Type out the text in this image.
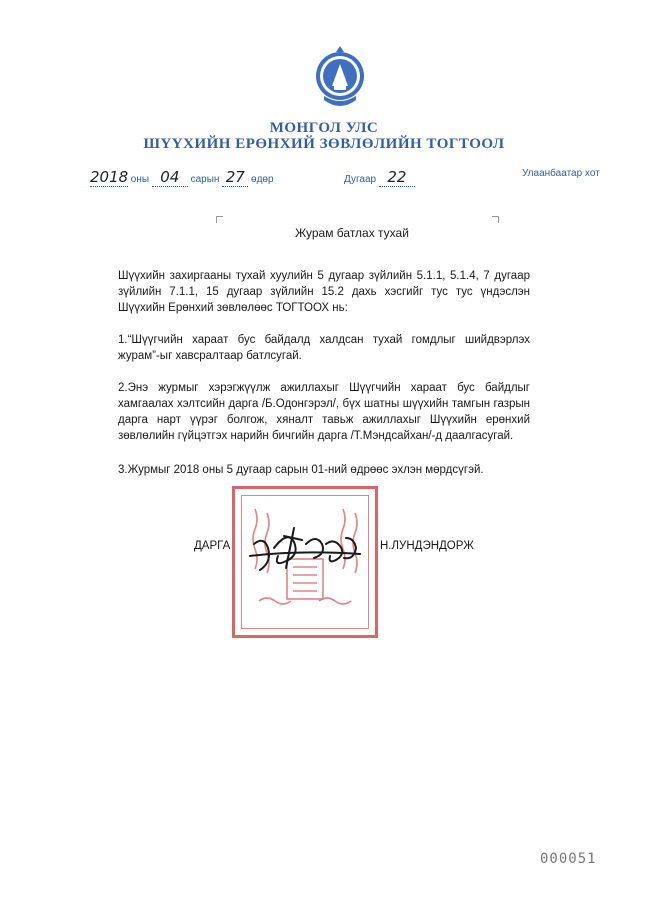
МОНГОЛ УЛС
ШҮҮХИЙН ЕРӨНХИЙ ЗӨВЛӨЛИЙН ТОГТООЛ
2018 оны 04 сарын 27 өдөр	Дугаар 22	Улаанбаатар хот
Журам батлах тухай
Шүүхийн захиргааны тухай хуулийн 5 дугаар зүйлийн 5.1.1, 5.1.4, 7 дугаар зүйлийн 7.1.1, 15 дугаар зүйлийн 15.2 дахь хэсгийг тус тус үндэслэн Шүүхийн Ерөнхий зөвлөлөөс ТОГТООХ нь:
1.“Шүүгчийн хараат бус байдалд халдсан тухай гомдлыг шийдвэрлэх журам”-ыг хавсралтаар батлсугай.
2.Энэ журмыг хэрэгжүүлж ажиллахыг Шүүгчийн хараат бус байдлыг хамгаалах хэлтсийн дарга /Б.Одонгэрэл/, бүх шатны шүүхийн тамгын газрын дарга нарт үүрэг болгож, хяналт тавьж ажиллахыг Шүүхийн ерөнхий зөвлөлийн гүйцэтгэх нарийн бичгийн дарга /Т.Мэндсайхан/-д даалгасугай.
3.Журмыг 2018 оны 5 дугаар сарын 01-ний өдрөөс эхлэн мөрдсүгэй.
ДАРГА	Н.ЛУНДЭНДОРЖ
000051
